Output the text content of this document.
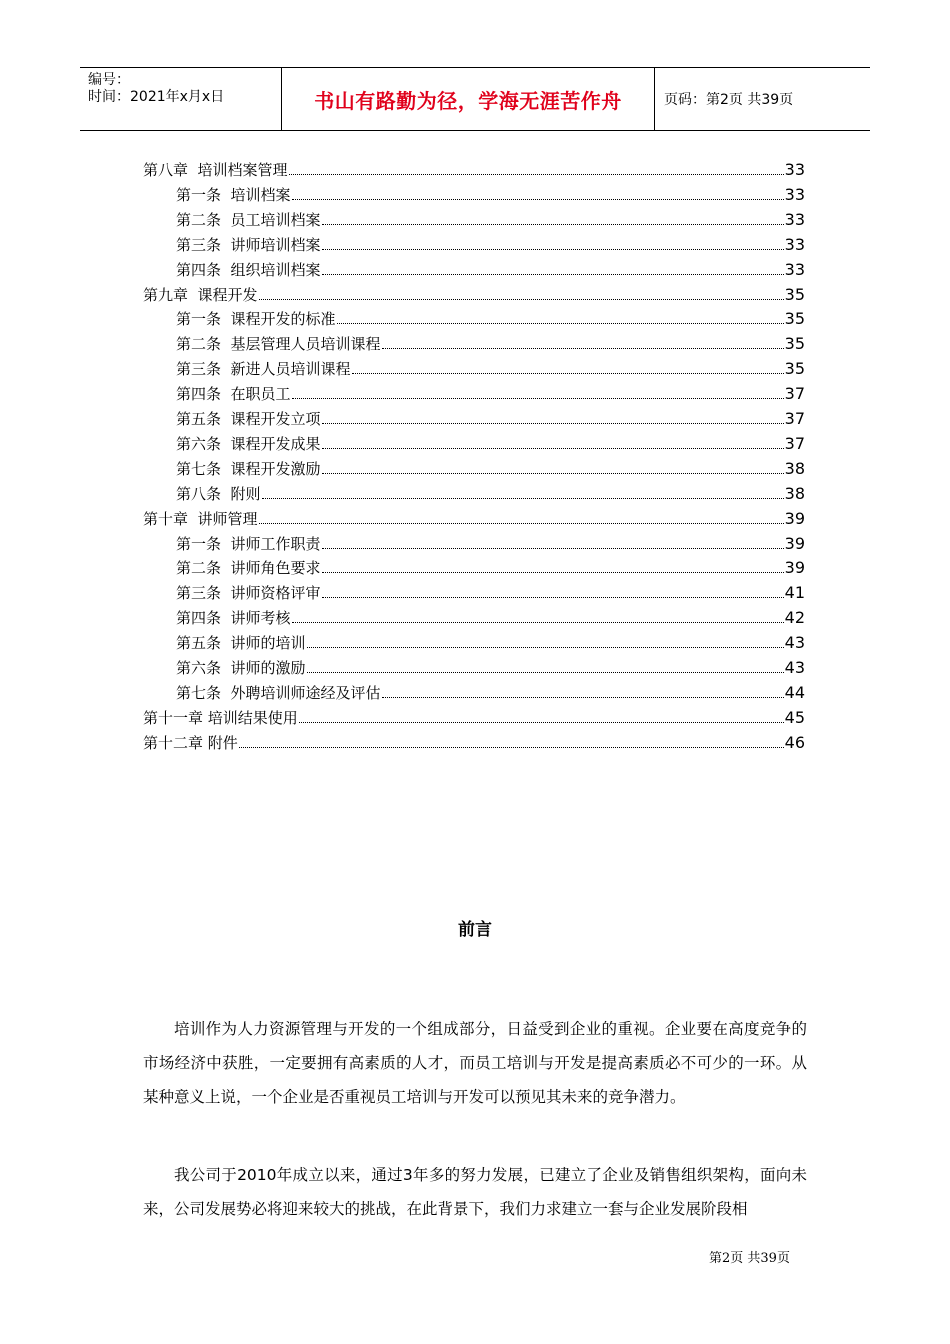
编号：
时间：2021年x月x日	书山有路勤为径，学海无涯苦作舟	页码：第2页 共39页
第八章  培训档案管理	33
第一条  培训档案	33
第二条  员工培训档案	33
第三条  讲师培训档案	33
第四条  组织培训档案	33
第九章  课程开发	35
第一条  课程开发的标准	35
第二条  基层管理人员培训课程	35
第三条  新进人员培训课程	35
第四条  在职员工	37
第五条  课程开发立项	37
第六条  课程开发成果	37
第七条  课程开发激励	38
第八条  附则	38
第十章  讲师管理	39
第一条  讲师工作职责	39
第二条  讲师角色要求	39
第三条  讲师资格评审	41
第四条  讲师考核	42
第五条  讲师的培训	43
第六条  讲师的激励	43
第七条  外聘培训师途经及评估	44
第十一章 培训结果使用	45
第十二章 附件	46
前言

培训作为人力资源管理与开发的一个组成部分，日益受到企业的重视。企业要在高度竞争的市场经济中获胜，一定要拥有高素质的人才，而员工培训与开发是提高素质必不可少的一环。从某种意义上说，一个企业是否重视员工培训与开发可以预见其未来的竞争潜力。

我公司于2010年成立以来，通过3年多的努力发展，已建立了企业及销售组织架构，面向未来，公司发展势必将迎来较大的挑战，在此背景下，我们力求建立一套与企业发展阶段相

第2页 共39页
